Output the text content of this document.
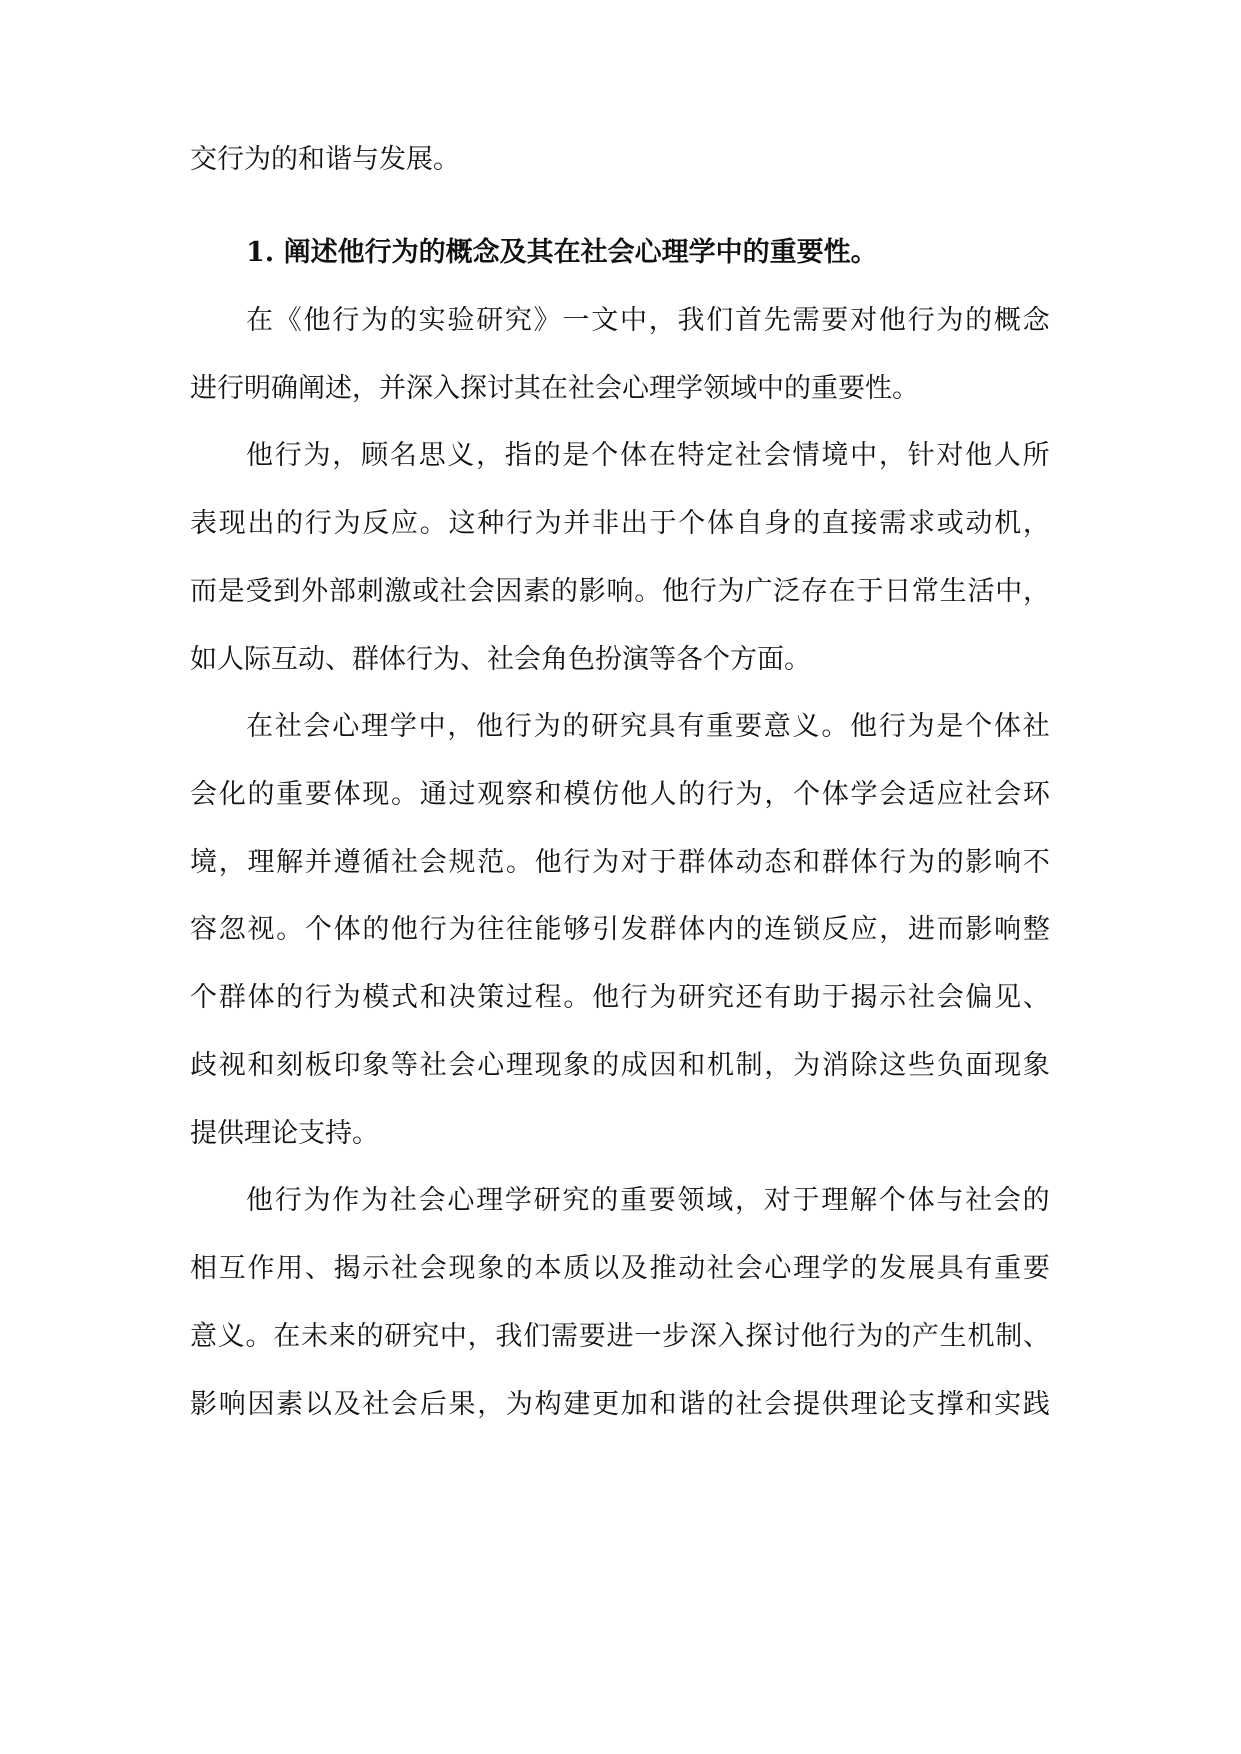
交行为的和谐与发展。
1. 阐述他行为的概念及其在社会心理学中的重要性。
在 《 他 行 为 的 实 验 研 究 》 一 文 中 ， 我 们 首 先 需 要 对 他 行 为 的 概 念
进行明确阐述，并深入探讨其在社会心理学领域中的重要性。
他 行 为 ， 顾 名 思 义 ， 指 的 是 个 体 在 特 定 社 会 情 境 中 ， 针 对 他 人 所
表 现 出 的 行 为 反 应 。 这 种 行 为 并 非 出 于 个 体 自 身 的 直 接 需 求 或 动 机 ，
而 是 受 到 外 部 刺 激 或 社 会 因 素 的 影 响 。 他 行 为 广 泛 存 在 于 日 常 生 活 中 ，
如人际互动、群体行为、社会角色扮演等各个方面。
在 社 会 心 理 学 中 ， 他 行 为 的 研 究 具 有 重 要 意 义 。 他 行 为 是 个 体 社
会 化 的 重 要 体 现 。 通 过 观 察 和 模 仿 他 人 的 行 为 ， 个 体 学 会 适 应 社 会 环
境 ， 理 解 并 遵 循 社 会 规 范 。 他 行 为 对 于 群 体 动 态 和 群 体 行 为 的 影 响 不
容 忽 视 。 个 体 的 他 行 为 往 往 能 够 引 发 群 体 内 的 连 锁 反 应 ， 进 而 影 响 整
个 群 体 的 行 为 模 式 和 决 策 过 程 。 他 行 为 研 究 还 有 助 于 揭 示 社 会 偏 见 、
歧 视 和 刻 板 印 象 等 社 会 心 理 现 象 的 成 因 和 机 制 ， 为 消 除 这 些 负 面 现 象
提供理论支持。
他 行 为 作 为 社 会 心 理 学 研 究 的 重 要 领 域 ， 对 于 理 解 个 体 与 社 会 的
相 互 作 用 、 揭 示 社 会 现 象 的 本 质 以 及 推 动 社 会 心 理 学 的 发 展 具 有 重 要
意 义 。 在 未 来 的 研 究 中 ， 我 们 需 要 进 一 步 深 入 探 讨 他 行 为 的 产 生 机 制 、
影 响 因 素 以 及 社 会 后 果 ， 为 构 建 更 加 和 谐 的 社 会 提 供 理 论 支 撑 和 实 践
